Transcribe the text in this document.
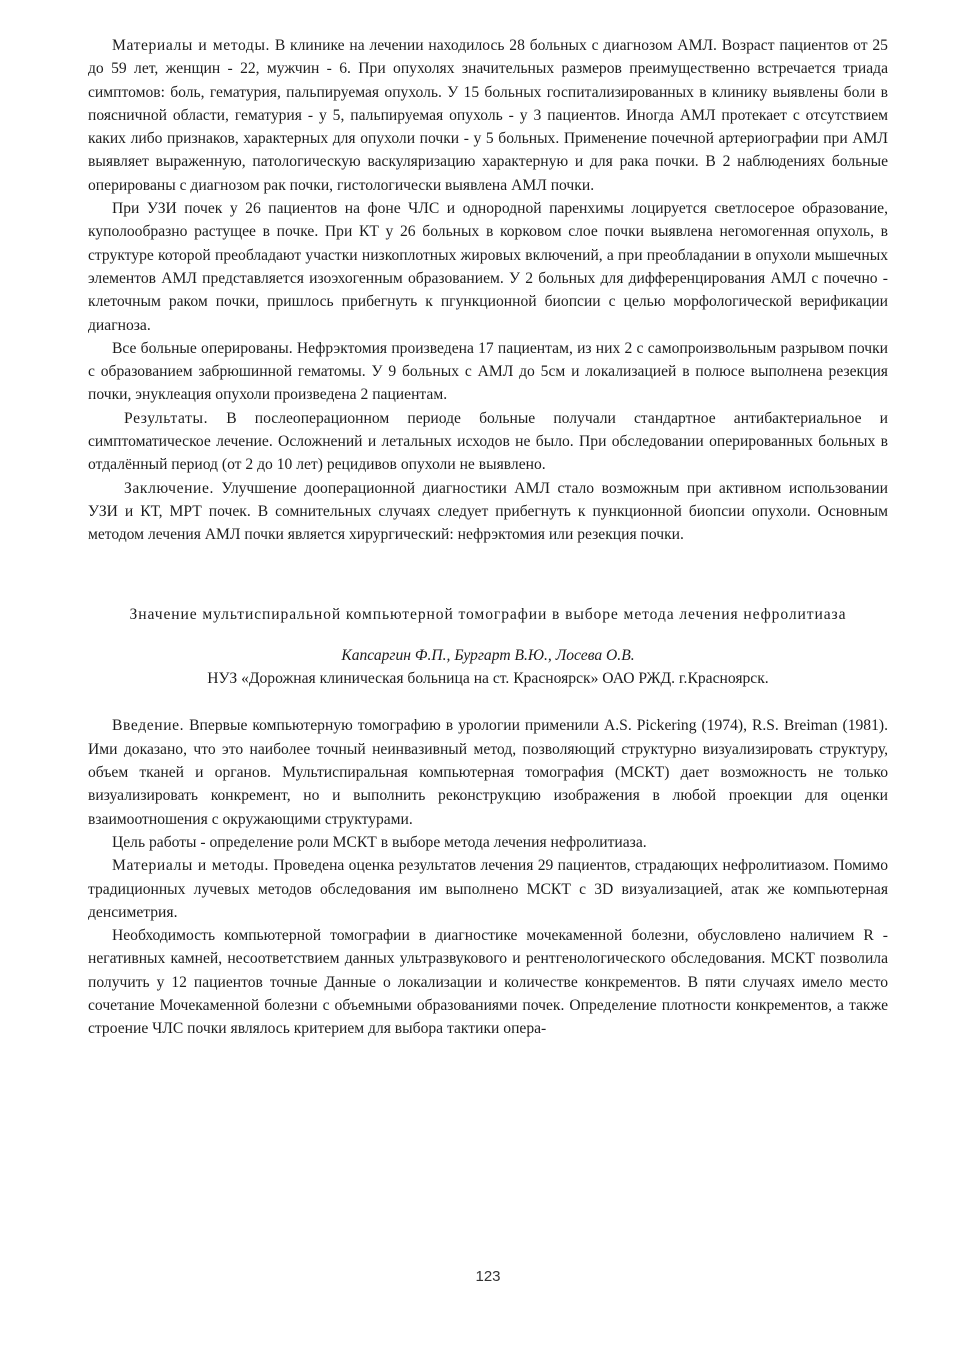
Материалы и методы. В клинике на лечении находилось 28 больных с диагнозом АМЛ. Возраст пациентов от 25 до 59 лет, женщин - 22, мужчин - 6. При опухолях значительных размеров преимущественно встречается триада симптомов: боль, гематурия, пальпируемая опухоль. У 15 больных госпитализированных в клинику выявлены боли в поясничной области, гематурия - у 5, пальпируемая опухоль - у 3 пациентов. Иногда АМЛ протекает с отсутствием каких либо признаков, характерных для опухоли почки - у 5 больных. Применение почечной артериографии при АМЛ выявляет выраженную, патологическую васкуляризацию характерную и для рака почки. В 2 наблюдениях больные оперированы с диагнозом рак почки, гистологически выявлена АМЛ почки.

При УЗИ почек у 26 пациентов на фоне ЧЛС и однородной паренхимы лоцируется светлосерое образование, куполообразно растущее в почке. При КТ у 26 больных в корковом слое почки выявлена негомогенная опухоль, в структуре которой преобладают участки низкоплотных жировых включений, а при преобладании в опухоли мышечных элементов АМЛ представляется изоэхогенным образованием. У 2 больных для дифференцирования АМЛ с почечно - клеточным раком почки, пришлось прибегнуть к пгункционной биопсии с целью морфологической верификации диагноза.

Все больные оперированы. Нефрэктомия произведена 17 пациентам, из них 2 с самопроизвольным разрывом почки с образованием забрюшинной гематомы. У 9 больных с АМЛ до 5см и локализацией в полюсе выполнена резекция почки, энуклеация опухоли произведена 2 пациентам.

Результаты. В послеоперационном периоде больные получали стандартное антибактериальное и симптоматическое лечение. Осложнений и летальных исходов не было. При обследовании оперированных больных в отдалённый период (от 2 до 10 лет) рецидивов опухоли не выявлено.

Заключение. Улучшение дооперационной диагностики АМЛ стало возможным при активном использовании УЗИ и КТ, МРТ почек. В сомнительных случаях следует прибегнуть к пункционной биопсии опухоли. Основным методом лечения АМЛ почки является хирургический: нефрэктомия или резекция почки.

Значение мультиспиральной компьютерной томографии в выборе метода лечения нефролитиаза

Капсаргин Ф.П., Бургарт В.Ю., Лосева О.В.

НУЗ «Дорожная клиническая больница на ст. Красноярск» ОАО РЖД. г.Красноярск.

Введение. Впервые компьютерную томографию в урологии применили A.S. Pickering (1974), R.S. Breiman (1981). Ими доказано, что это наиболее точный неинвазивный метод, позволяющий структурно визуализировать структуру, объем тканей и органов. Мультиспиральная компьютерная томография (МСКТ) дает возможность не только визуализировать конкремент, но и выполнить реконструкцию изображения в любой проекции для оценки взаимоотношения с окружающими структурами.

Цель работы - определение роли МСКТ в выборе метода лечения нефролитиаза.

Материалы и методы. Проведена оценка результатов лечения 29 пациентов, страдающих нефролитиазом. Помимо традиционных лучевых методов обследования им выполнено МСКТ с 3D визуализацией, атак же компьютерная денсиметрия.

Необходимость компьютерной томографии в диагностике мочекаменной болезни, обусловлено наличием R - негативных камней, несоответствием данных ультразвукового и рентгенологического обследования. МСКТ позволила получить у 12 пациентов точные Данные о локализации и количестве конкрементов. В пяти случаях имело место сочетание Мочекаменной болезни с объемными образованиями почек. Определение плотности конкрементов, а также строение ЧЛС почки являлось критерием для выбора тактики опера-

123
